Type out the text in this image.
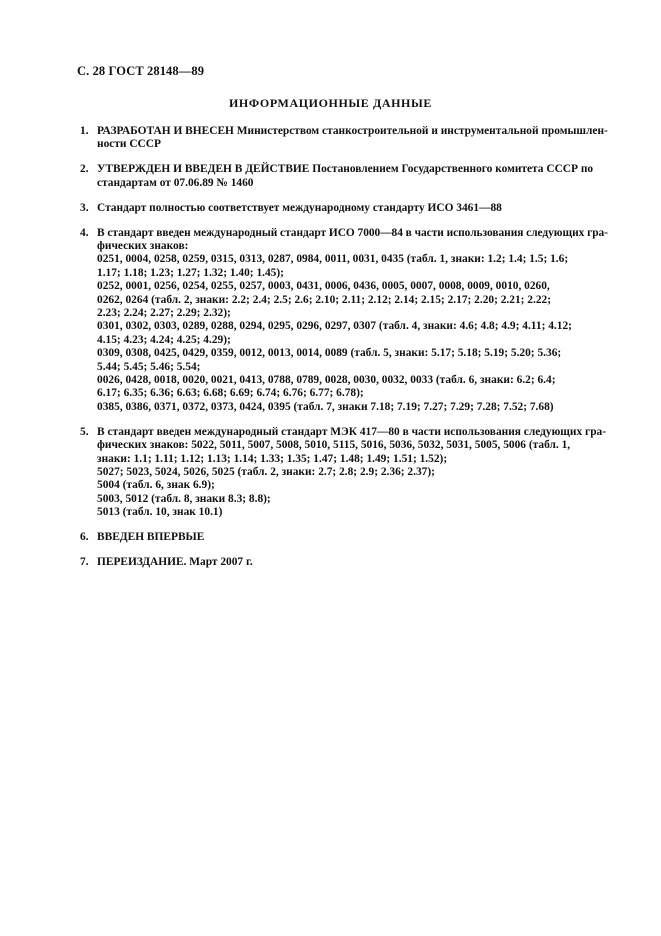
С. 28 ГОСТ 28148—89
ИНФОРМАЦИОННЫЕ ДАННЫЕ
1. РАЗРАБОТАН И ВНЕСЕН Министерством станкостроительной и инструментальной промышлен-
ности СССР
2. УТВЕРЖДЕН И ВВЕДЕН В ДЕЙСТВИЕ Постановлением Государственного комитета СССР по
стандартам от 07.06.89 № 1460
3. Стандарт полностью соответствует международному стандарту ИСО 3461—88
4. В стандарт введен международный стандарт ИСО 7000—84 в части использования следующих гра-
фических знаков:
0251, 0004, 0258, 0259, 0315, 0313, 0287, 0984, 0011, 0031, 0435 (табл. 1, знаки: 1.2; 1.4; 1.5; 1.6;
1.17; 1.18; 1.23; 1.27; 1.32; 1.40; 1.45);
0252, 0001, 0256, 0254, 0255, 0257, 0003, 0431, 0006, 0436, 0005, 0007, 0008, 0009, 0010, 0260,
0262, 0264 (табл. 2, знаки: 2.2; 2.4; 2.5; 2.6; 2.10; 2.11; 2.12; 2.14; 2.15; 2.17; 2.20; 2.21; 2.22;
2.23; 2.24; 2.27; 2.29; 2.32);
0301, 0302, 0303, 0289, 0288, 0294, 0295, 0296, 0297, 0307 (табл. 4, знаки: 4.6; 4.8; 4.9; 4.11; 4.12;
4.15; 4.23; 4.24; 4.25; 4.29);
0309, 0308, 0425, 0429, 0359, 0012, 0013, 0014, 0089 (табл. 5, знаки: 5.17; 5.18; 5.19; 5.20; 5.36;
5.44; 5.45; 5.46; 5.54;
0026, 0428, 0018, 0020, 0021, 0413, 0788, 0789, 0028, 0030, 0032, 0033 (табл. 6, знаки: 6.2; 6.4;
6.17; 6.35; 6.36; 6.63; 6.68; 6.69; 6.74; 6.76; 6.77; 6.78);
0385, 0386, 0371, 0372, 0373, 0424, 0395 (табл. 7, знаки 7.18; 7.19; 7.27; 7.29; 7.28; 7.52; 7.68)
5. В стандарт введен международный стандарт МЭК 417—80 в части использования следующих гра-
фических знаков: 5022, 5011, 5007, 5008, 5010, 5115, 5016, 5036, 5032, 5031, 5005, 5006 (табл. 1,
знаки: 1.1; 1.11; 1.12; 1.13; 1.14; 1.33; 1.35; 1.47; 1.48; 1.49; 1.51; 1.52);
5027; 5023, 5024, 5026, 5025 (табл. 2, знаки: 2.7; 2.8; 2.9; 2.36; 2.37);
5004 (табл. 6, знак 6.9);
5003, 5012 (табл. 8, знаки 8.3; 8.8);
5013 (табл. 10, знак 10.1)
6. ВВЕДЕН ВПЕРВЫЕ
7. ПЕРЕИЗДАНИЕ. Март 2007 г.
